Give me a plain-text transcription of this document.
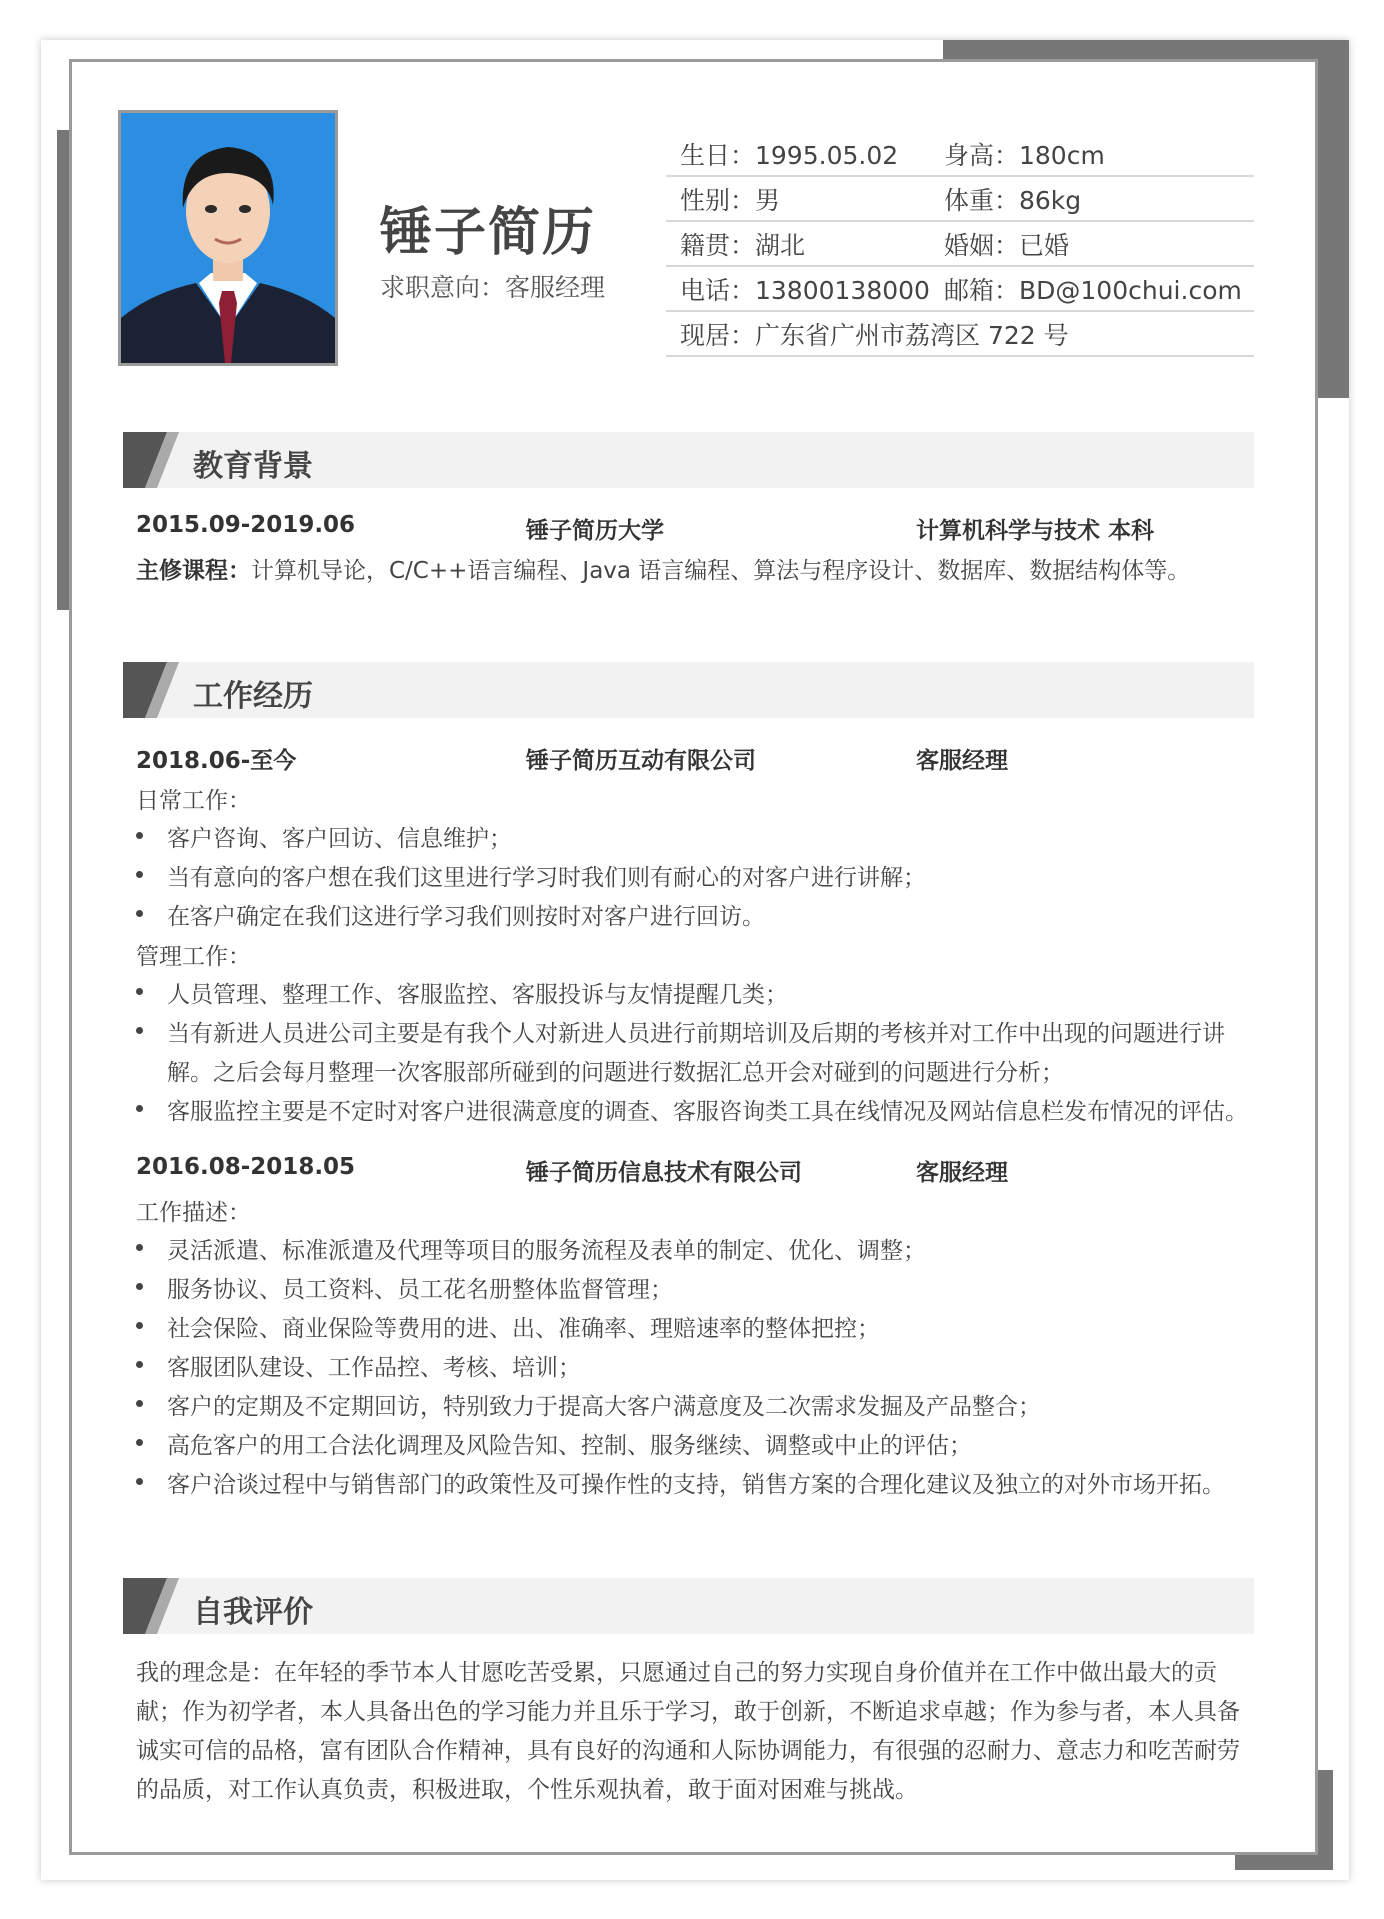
锤子简历
求职意向：客服经理
生日：1995.05.02 身高：180cm
性别：男	体重：86kg
籍贯：湖北	婚姻：已婚
电话：13800138000 邮箱：BD@100chui.com
现居：广东省广州市荔湾区 722 号
教育背景
2015.09-2019.06	锤子简历大学	计算机科学与技术 本科
主修课程：计算机导论，C/C++语言编程、Java 语言编程、算法与程序设计、数据库、数据结构体等。
工作经历
2018.06-至今	锤子简历互动有限公司	客服经理
日常工作：
客户咨询、客户回访、信息维护；
当有意向的客户想在我们这里进行学习时我们则有耐心的对客户进行讲解；
在客户确定在我们这进行学习我们则按时对客户进行回访。
管理工作：
人员管理、整理工作、客服监控、客服投诉与友情提醒几类；
当有新进人员进公司主要是有我个人对新进人员进行前期培训及后期的考核并对工作中出现的问题进行讲解。之后会每月整理一次客服部所碰到的问题进行数据汇总开会对碰到的问题进行分析；
客服监控主要是不定时对客户进很满意度的调查、客服咨询类工具在线情况及网站信息栏发布情况的评估。
2016.08-2018.05	锤子简历信息技术有限公司	客服经理
工作描述：
灵活派遣、标准派遣及代理等项目的服务流程及表单的制定、优化、调整；
服务协议、员工资料、员工花名册整体监督管理；
社会保险、商业保险等费用的进、出、准确率、理赔速率的整体把控；
客服团队建设、工作品控、考核、培训；
客户的定期及不定期回访，特别致力于提高大客户满意度及二次需求发掘及产品整合；
高危客户的用工合法化调理及风险告知、控制、服务继续、调整或中止的评估；
客户洽谈过程中与销售部门的政策性及可操作性的支持，销售方案的合理化建议及独立的对外市场开拓。
自我评价
我的理念是：在年轻的季节本人甘愿吃苦受累，只愿通过自己的努力实现自身价值并在工作中做出最大的贡献；作为初学者，本人具备出色的学习能力并且乐于学习，敢于创新，不断追求卓越；作为参与者，本人具备诚实可信的品格，富有团队合作精神，具有良好的沟通和人际协调能力，有很强的忍耐力、意志力和吃苦耐劳的品质，对工作认真负责，积极进取，个性乐观执着，敢于面对困难与挑战。
